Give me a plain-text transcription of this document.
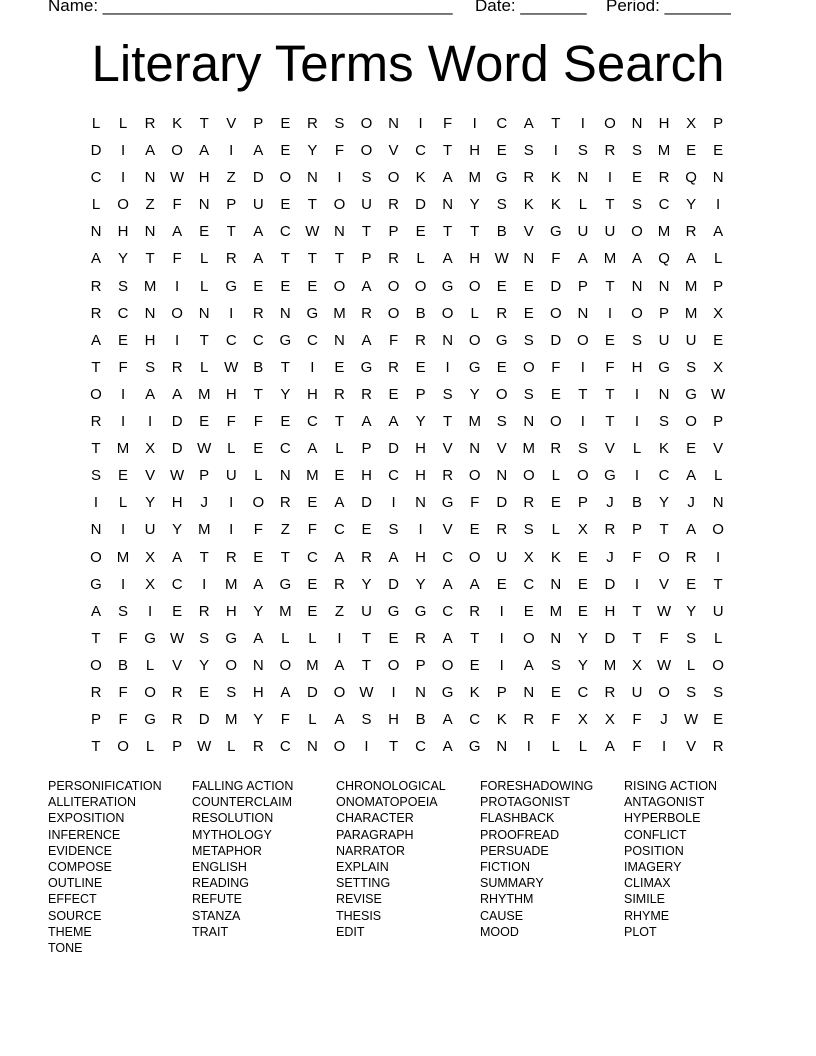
Name: _____________________________________ Date: _______ Period: _______
Literary Terms Word Search
L	L	R	K	T	V	P	E	R	S	O	N	I	F	I	C	A	T	I	O	N	H	X	P
D	I	A	O	A	I	A	E	Y	F	O	V	C	T	H	E	S	I	S	R	S	M	E	E
C	I	N W H	Z	D	O	N	I	S	O	K	A	M G	R	K	N	I	E	R	Q	N
L	O	Z	F	N	P	U	E	T	O	U	R	D	N	Y	S	K	K	L	T	S	C	Y	I
N	H	N	A	E	T	A	C W N	T	P	E	T	T	B	V	G	U	U	O M	R	A
A	Y	T	F	L	R	A	T	T	T	P	R	L	A	H W N	F	A	M	A	Q	A	L
R	S	M	I	L	G	E	E	E	O	A	O	O	G	O	E	E	D	P	T	N	N	M	P
R	C	N	O	N	I	R	N	G M	R	O	B	O	L	R	E	O	N	I	O	P	M	X
A	E	H	I	T	C	C	G	C	N	A	F	R	N	O	G	S	D	O	E	S	U	U	E
T	F	S	R	L	W B	T	I	E	G	R	E	I	G	E	O	F	I	F	H	G	S	X
O	I	A	A	M	H	T	Y	H	R	R	E	P	S	Y	O	S	E	T	T	I	N	G W
R	I	I	D	E	F	F	E	C	T	A	A	Y	T	M	S	N	O	I	T	I	S	O	P
T	M	X	D W	L	E	C	A	L	P	D	H	V	N	V	M	R	S	V	L	K	E	V
S	E	V W P	U	L	N	M	E	H	C	H	R	O	N	O	L	O	G	I	C	A	L
I	L	Y	H	J	I	O	R	E	A	D	I	N	G	F	D	R	E	P	J	B	Y	J	N
N	I	U	Y	M	I	F	Z	F	C	E	S	I	V	E	R	S	L	X	R	P	T	A	O
O M	X	A	T	R	E	T	C	A	R	A	H	C	O	U	X	K	E	J	F	O	R	I
G	I	X	C	I	M	A	G	E	R	Y	D	Y	A	A	E	C	N	E	D	I	V	E	T
A	S	I	E	R	H	Y	M	E	Z	U	G	G	C	R	I	E	M	E	H	T	W Y	U
T	F	G W S	G	A	L	L	I	T	E	R	A	T	I	O	N	Y	D	T	F	S	L
O	B	L	V	Y	O	N	O M	A	T	O	P	O	E	I	A	S	Y	M	X W	L	O
R	F	O	R	E	S	H	A	D	O W	I	N	G	K	P	N	E	C	R	U	O	S	S
P	F	G	R	D	M	Y	F	L	A	S	H	B	A	C	K	R	F	X	X	F	J	W E
T	O	L	P W	L	R	C	N	O	I	T	C	A	G	N	I	L	L	A	F	I	V	R
PERSONIFICATION
ALLITERATION
EXPOSITION
INFERENCE
EVIDENCE
COMPOSE
OUTLINE
EFFECT
SOURCE
THEME
TONE
FALLING ACTION
COUNTERCLAIM
RESOLUTION
MYTHOLOGY
METAPHOR
ENGLISH
READING
REFUTE
STANZA
TRAIT
CHRONOLOGICAL
ONOMATOPOEIA
CHARACTER
PARAGRAPH
NARRATOR
EXPLAIN
SETTING
REVISE
THESIS
EDIT
FORESHADOWING
PROTAGONIST
FLASHBACK
PROOFREAD
PERSUADE
FICTION
SUMMARY
RHYTHM
CAUSE
MOOD
RISING ACTION
ANTAGONIST
HYPERBOLE
CONFLICT
POSITION
IMAGERY
CLIMAX
SIMILE
RHYME
PLOT
